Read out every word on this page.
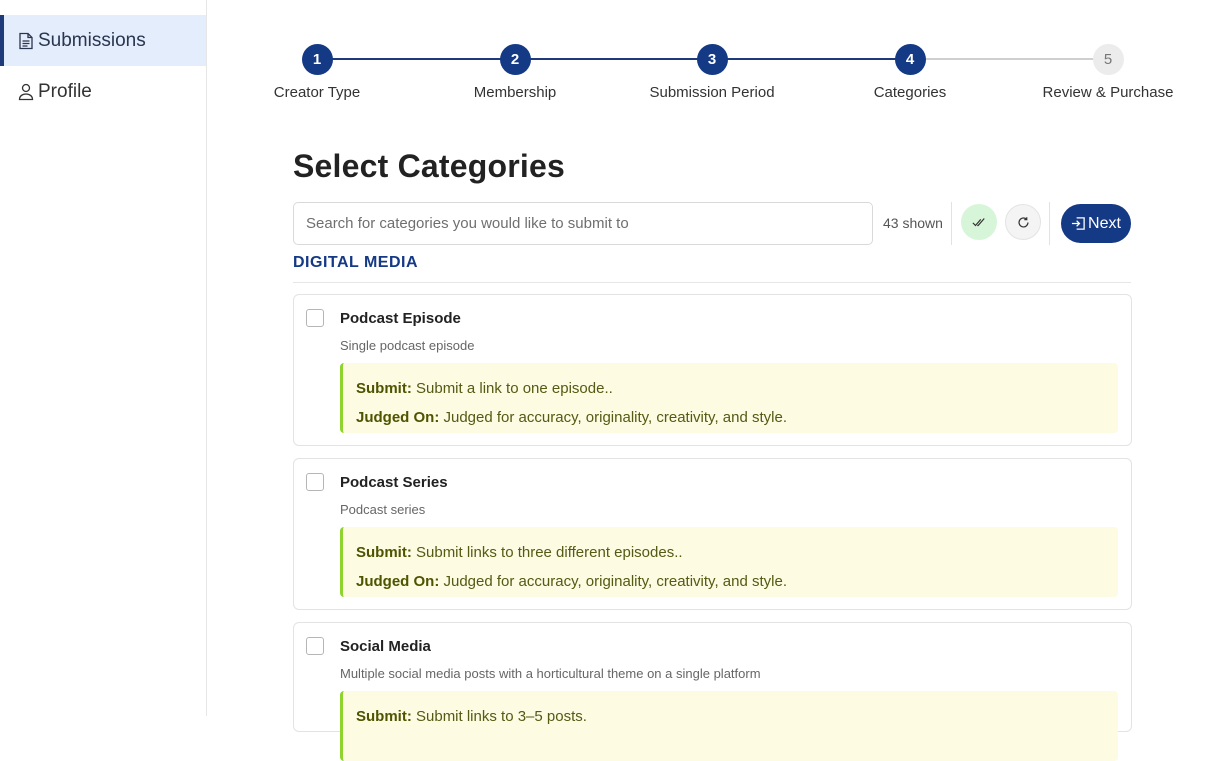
Submissions
Profile
1
Creator Type
2
Membership
3
Submission Period
4
Categories
5
Review & Purchase
Select Categories
Search for categories you would like to submit to
43 shown	Next
DIGITAL MEDIA
Podcast Episode
Single podcast episode
Submit: Submit a link to one episode..
Judged On: Judged for accuracy, originality, creativity, and style.
Podcast Series
Podcast series
Submit: Submit links to three different episodes..
Judged On: Judged for accuracy, originality, creativity, and style.
Social Media
Multiple social media posts with a horticultural theme on a single platform
Submit: Submit links to 3–5 posts.
